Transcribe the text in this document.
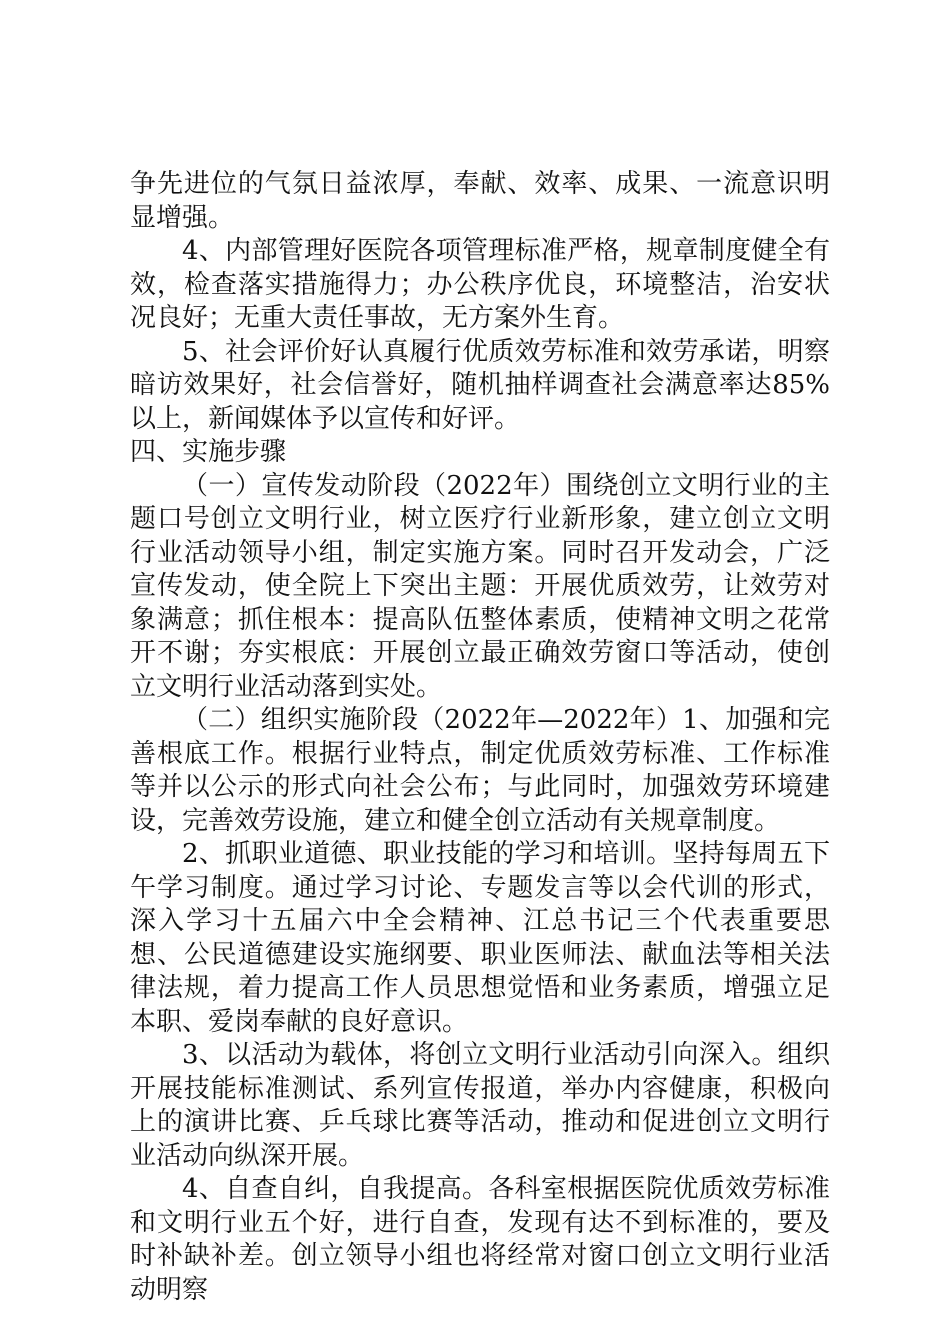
争先进位的气氛日益浓厚，奉献、效率、成果、一流意识明显增强。

4、内部管理好医院各项管理标准严格，规章制度健全有效，检查落实措施得力；办公秩序优良，环境整洁，治安状况良好；无重大责任事故，无方案外生育。

5、社会评价好认真履行优质效劳标准和效劳承诺，明察暗访效果好，社会信誉好，随机抽样调查社会满意率达85%以上，新闻媒体予以宣传和好评。

四、实施步骤

（一）宣传发动阶段（2022年）围绕创立文明行业的主题口号创立文明行业，树立医疗行业新形象，建立创立文明行业活动领导小组，制定实施方案。同时召开发动会，广泛宣传发动，使全院上下突出主题：开展优质效劳，让效劳对象满意；抓住根本：提高队伍整体素质，使精神文明之花常开不谢；夯实根底：开展创立最正确效劳窗口等活动，使创立文明行业活动落到实处。

（二）组织实施阶段（2022年—2022年）1、加强和完善根底工作。根据行业特点，制定优质效劳标准、工作标准等并以公示的形式向社会公布；与此同时，加强效劳环境建设，完善效劳设施，建立和健全创立活动有关规章制度。

2、抓职业道德、职业技能的学习和培训。坚持每周五下午学习制度。通过学习讨论、专题发言等以会代训的形式，深入学习十五届六中全会精神、江总书记三个代表重要思想、公民道德建设实施纲要、职业医师法、献血法等相关法律法规，着力提高工作人员思想觉悟和业务素质，增强立足本职、爱岗奉献的良好意识。

3、以活动为载体，将创立文明行业活动引向深入。组织开展技能标准测试、系列宣传报道，举办内容健康，积极向上的演讲比赛、乒乓球比赛等活动，推动和促进创立文明行业活动向纵深开展。

4、自查自纠，自我提高。各科室根据医院优质效劳标准和文明行业五个好，进行自查，发现有达不到标准的，要及时补缺补差。创立领导小组也将经常对窗口创立文明行业活动明察
